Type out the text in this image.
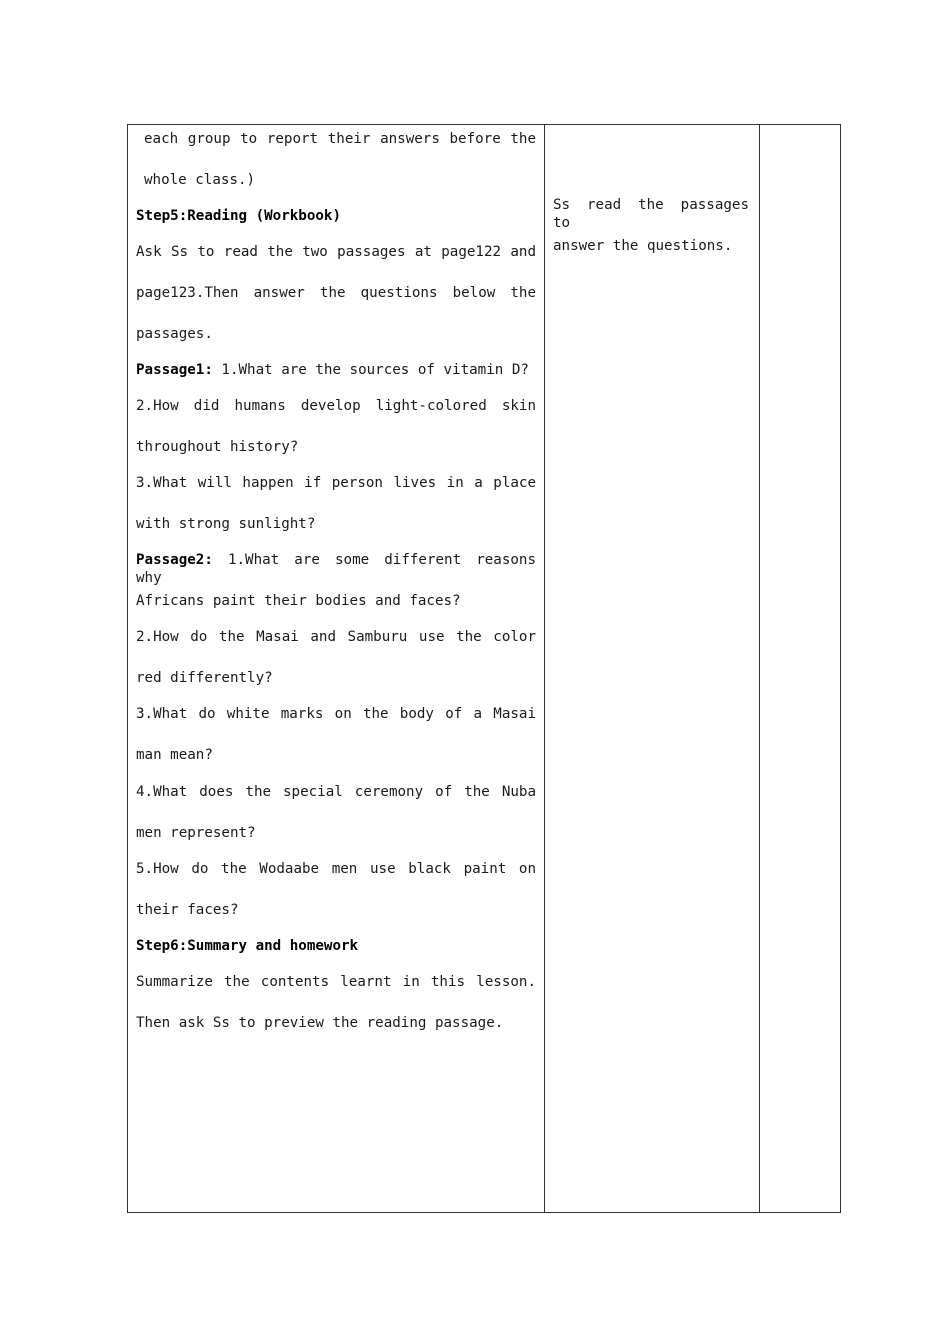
each group to report their answers before the
whole class.)
Step5:Reading (Workbook)
Ask Ss to read the two passages at page122 and
page123.Then answer the questions below the
passages.
Passage1: 1.What are the sources of vitamin D?
2.How did humans develop light-colored skin
throughout history?
3.What will happen if person lives in a place
with strong sunlight?
Passage2: 1.What are some different reasons why
Africans paint their bodies and faces?
2.How do the Masai and Samburu use the color
red differently?
3.What do white marks on the body of a Masai
man mean?
4.What does the special ceremony of the Nuba
men represent?
5.How do the Wodaabe men use black paint on
their faces?
Step6:Summary and homework
Summarize the contents learnt in this lesson.
Then ask Ss to preview the reading passage.
Ss read the passages to
answer the questions.
